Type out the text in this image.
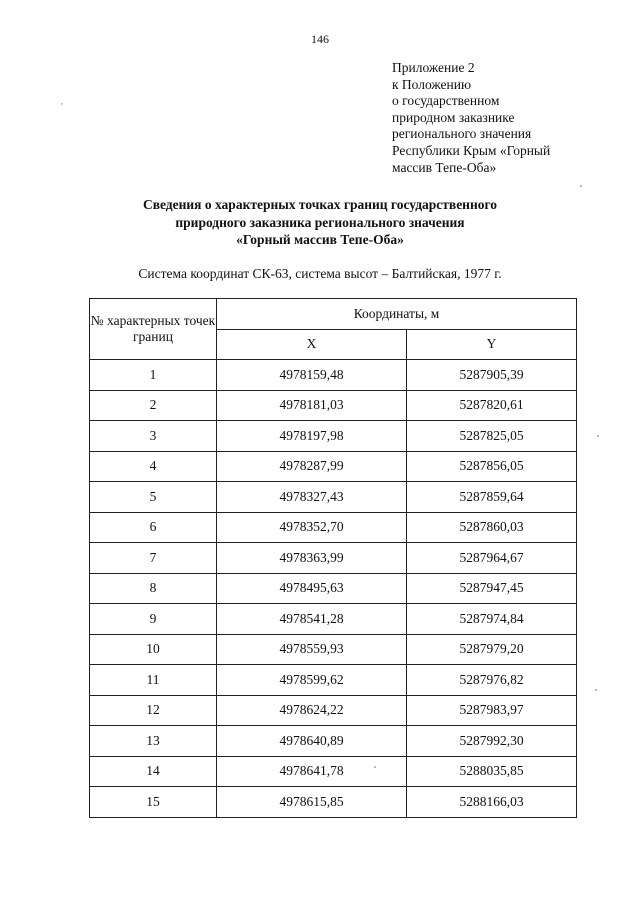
146
Приложение 2
к Положению
о государственном
природном заказнике
регионального значения
Республики Крым «Горный
массив Тепе-Оба»
Сведения о характерных точках границ государственного
природного заказника регионального значения
«Горный массив Тепе-Оба»
Система координат СК-63, система высот – Балтийская, 1977 г.
№ характерных точек границ	Координаты, м	
	X	Y
1	4978159,48	5287905,39
2	4978181,03	5287820,61
3	4978197,98	5287825,05
4	4978287,99	5287856,05
5	4978327,43	5287859,64
6	4978352,70	5287860,03
7	4978363,99	5287964,67
8	4978495,63	5287947,45
9	4978541,28	5287974,84
10	4978559,93	5287979,20
11	4978599,62	5287976,82
12	4978624,22	5287983,97
13	4978640,89	5287992,30
14	4978641,78	5288035,85
15	4978615,85	5288166,03
